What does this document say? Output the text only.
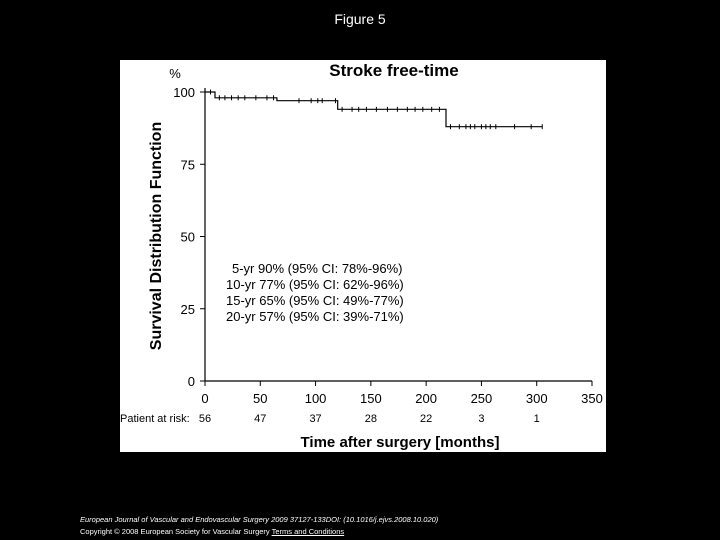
Figure 5
Stroke free-time
%
Survival Distribution Function
Time after surgery [months]
Patient at risk:
5-yr 90% (95% CI: 78%-96%)
10-yr 77% (95% CI: 62%-96%)
15-yr 65% (95% CI: 49%-77%)
20-yr 57% (95% CI: 39%-71%)
0
25
50
75
100
0	50	100	150	200	250	300	350
56	47	37	28	22	3	1
European Journal of Vascular and Endovascular Surgery 2009 37127-133DOI: (10.1016/j.ejvs.2008.10.020)
Copyright © 2008 European Society for Vascular Surgery Terms and Conditions
